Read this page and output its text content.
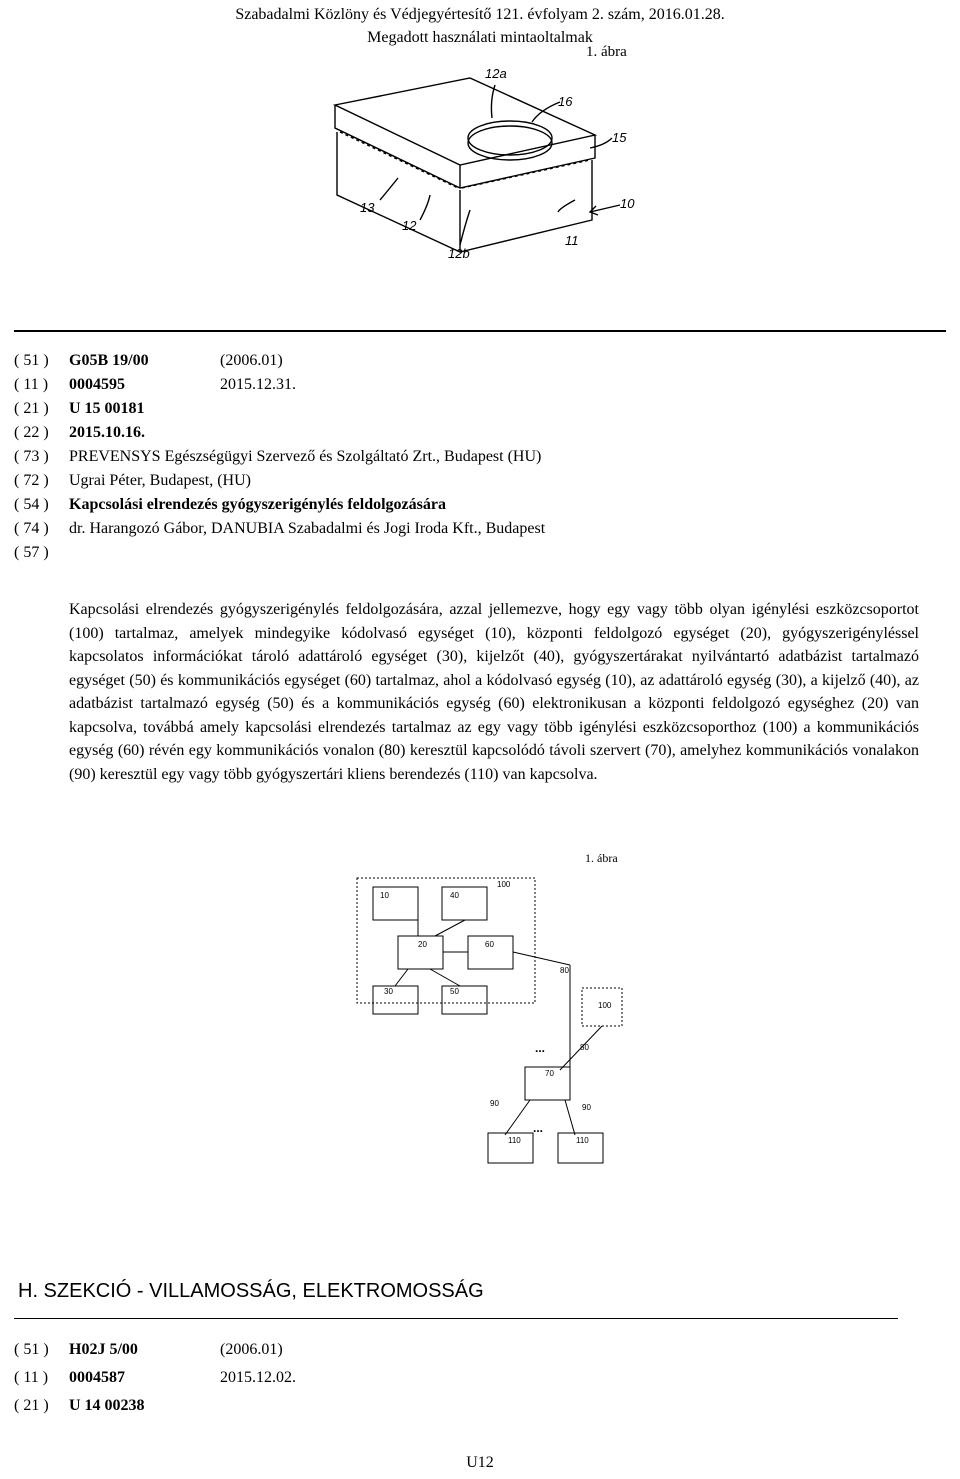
Szabadalmi Közlöny és Védjegyértesítő 121. évfolyam 2. szám, 2016.01.28.
Megadott használati mintaoltalmak
1. ábra
12a
16
15
10
13
12
12b
11
( 51 ) G05B 19/00	(2006.01)
( 11 ) 0004595	2015.12.31.
( 21 ) U 15 00181
( 22 ) 2015.10.16.
( 73 ) PREVENSYS Egészségügyi Szervező és Szolgáltató Zrt., Budapest (HU)
( 72 ) Ugrai Péter, Budapest, (HU)
( 54 ) Kapcsolási elrendezés gyógyszerigénylés feldolgozására
( 74 ) dr. Harangozó Gábor, DANUBIA Szabadalmi és Jogi Iroda Kft., Budapest
( 57 )

Kapcsolási elrendezés gyógyszerigénylés feldolgozására, azzal jellemezve, hogy egy vagy több olyan igénylési eszközcsoportot (100) tartalmaz, amelyek mindegyike kódolvasó egységet (10), központi feldolgozó egységet (20), gyógyszerigényléssel kapcsolatos információkat tároló adattároló egységet (30), kijelzőt (40), gyógyszertárakat nyilvántartó adatbázist tartalmazó egységet (50) és kommunikációs egységet (60) tartalmaz, ahol a kódolvasó egység (10), az adattároló egység (30), a kijelző (40), az adatbázist tartalmazó egység (50) és a kommunikációs egység (60) elektronikusan a központi feldolgozó egységhez (20) van kapcsolva, továbbá amely kapcsolási elrendezés tartalmaz az egy vagy több igénylési eszközcsoporthoz (100) a kommunikációs egység (60) révén egy kommunikációs vonalon (80) keresztül kapcsolódó távoli szervert (70), amelyhez kommunikációs vonalakon (90) keresztül egy vagy több gyógyszertári kliens berendezés (110) van kapcsolva.

1. ábra
100
10	40
20	60
30	50
80
100
80
...
70
90	90
...
110	110
H. SZEKCIÓ - VILLAMOSSÁG, ELEKTROMOSSÁG
( 51 ) H02J 5/00	(2006.01)
( 11 ) 0004587	2015.12.02.
( 21 ) U 14 00238
U12
